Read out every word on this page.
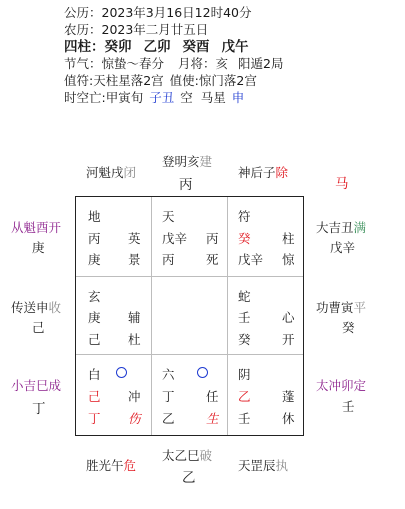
公历：2023年3月16日12时40分
农历：2023年二月廿五日
四柱：癸卯 乙卯 癸酉 戊午
节气：惊蛰～春分 月将：亥 阳遁2局
值符:天柱星落2宫 值使:惊门落2宫
时空亡:甲寅旬 子丑 空 马星 申
河魁戌闭
登明亥建
丙
神后子除
马
从魁酉开
庚
传送申收
己
小吉巳成
丁
大吉丑满
戊辛
功曹寅平
癸
太冲卯定
壬
地
丙 英
庚 景
天
戊辛 丙
丙	死
符
癸	柱
戊辛 惊
玄
庚 辅
己 杜
蛇
壬	心
癸	开
白
己 冲
丁 伤
六
丁	任
乙	生
阴
乙	蓬
壬	休
胜光午危
太乙巳破
乙
天罡辰执
